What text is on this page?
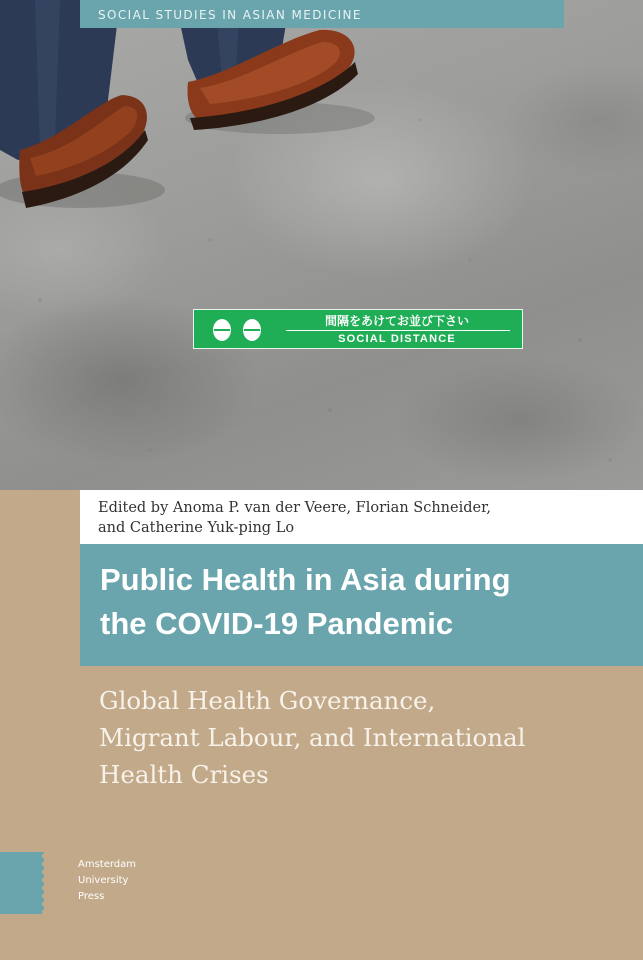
SOCIAL STUDIES IN ASIAN MEDICINE
間隔をあけてお並び下さい
SOCIAL DISTANCE
Edited by Anoma P. van der Veere, Florian Schneider,
and Catherine Yuk-ping Lo
Public Health in Asia during
the COVID-19 Pandemic
Global Health Governance,
Migrant Labour, and International
Health Crises
Amsterdam
University
Press
